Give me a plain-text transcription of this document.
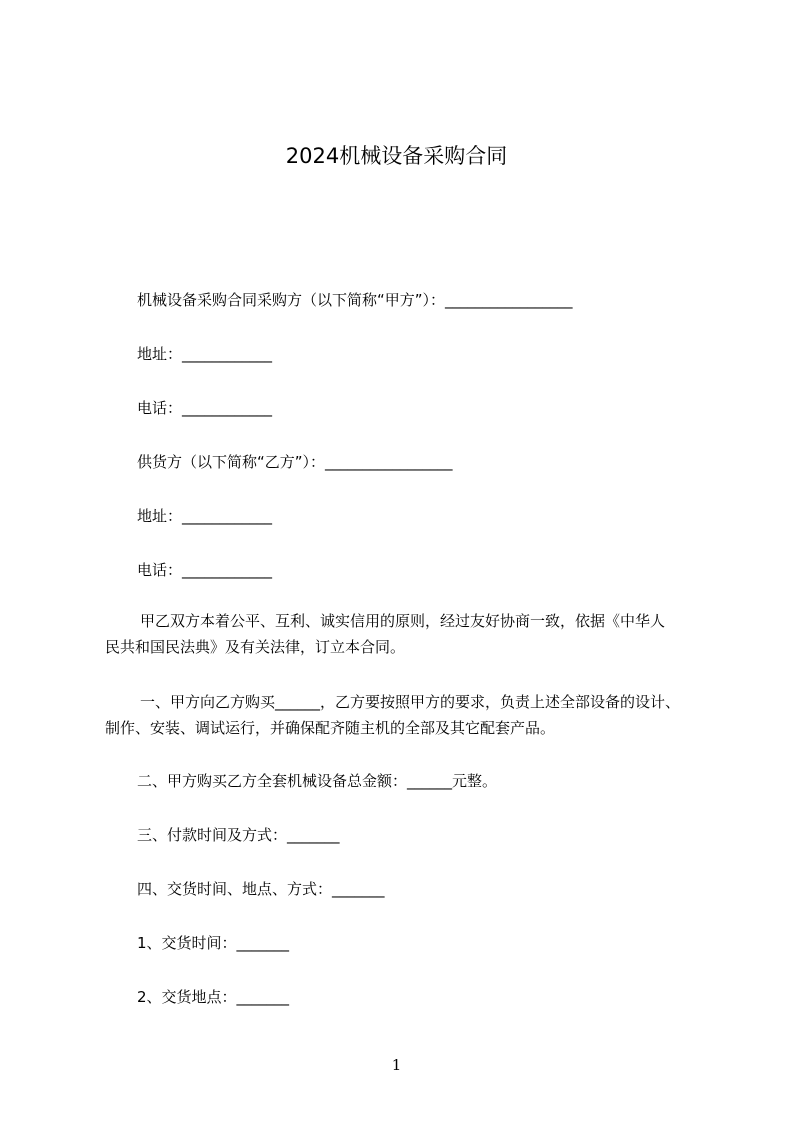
2024机械设备采购合同
机械设备采购合同采购方（以下简称“甲方”）：_________________
地址：____________
电话：____________
供货方（以下简称“乙方”）：_________________
地址：____________
电话：____________
　甲乙双方本着公平、互利、诚实信用的原则，经过友好协商一致，依据《中华人
民共和国民法典》及有关法律，订立本合同。
　一、甲方向乙方购买______，乙方要按照甲方的要求，负责上述全部设备的设计、
制作、安装、调试运行，并确保配齐随主机的全部及其它配套产品。
二、甲方购买乙方全套机械设备总金额：______元整。
三、付款时间及方式：_______
四、交货时间、地点、方式：_______
1、交货时间：_______
2、交货地点：_______
1
